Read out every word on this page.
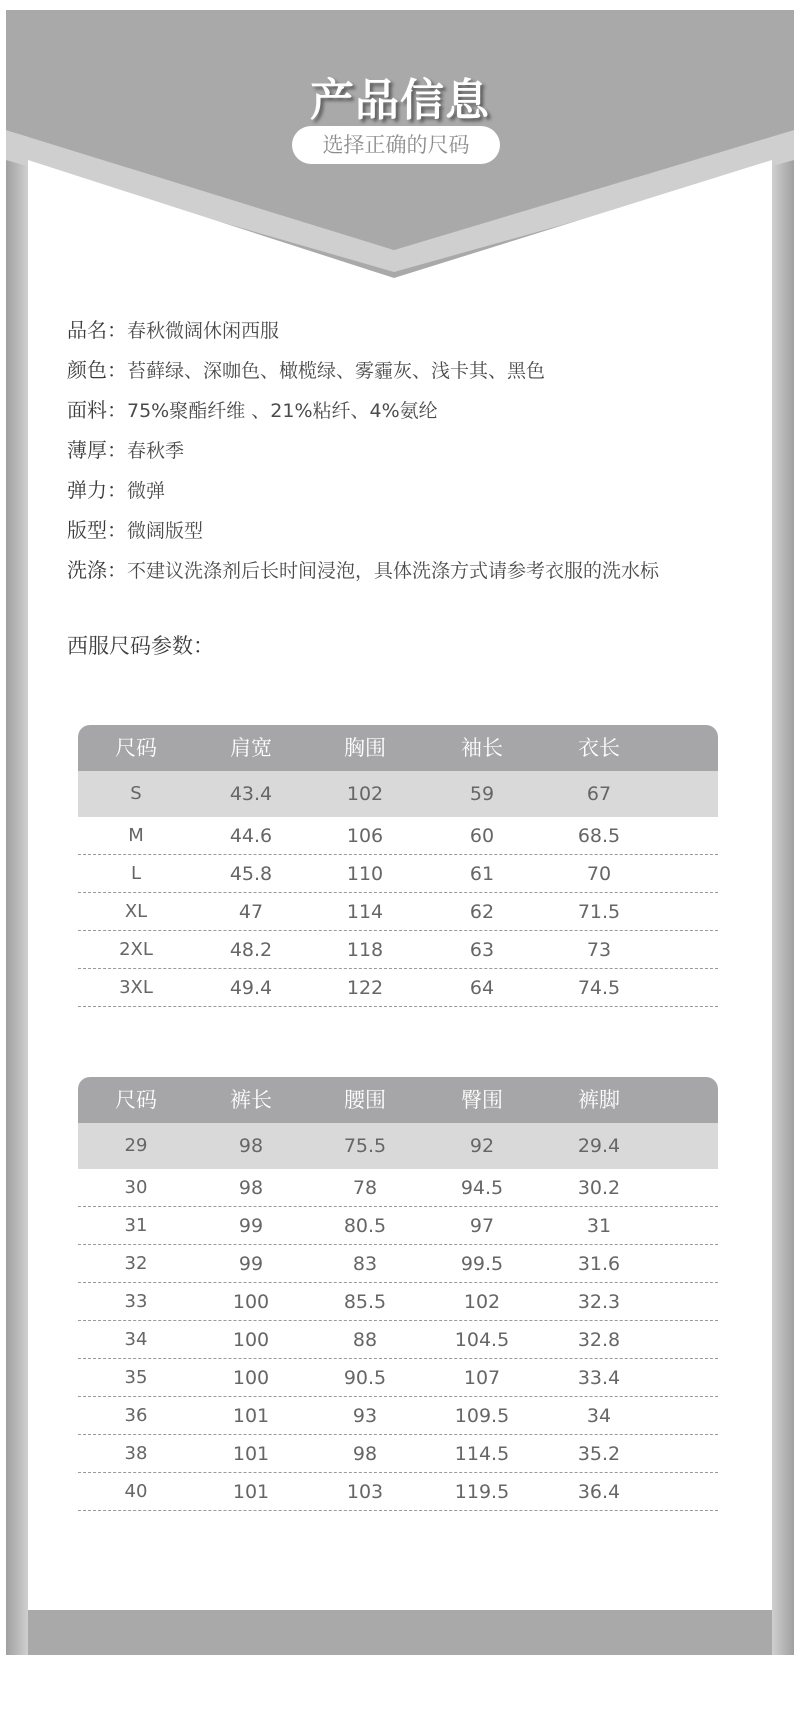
产品信息
选择正确的尺码
品名：春秋微阔休闲西服
颜色：苔藓绿、深咖色、橄榄绿、雾霾灰、浅卡其、黑色
面料：75%聚酯纤维 、21%粘纤、4%氨纶
薄厚：春秋季
弹力：微弹
版型：微阔版型
洗涤：不建议洗涤剂后长时间浸泡，具体洗涤方式请参考衣服的洗水标
西服尺码参数：
尺码	肩宽	胸围	袖长	衣长
S	43.4	102	59	67
M	44.6	106	60	68.5
L	45.8	110	61	70
XL	47	114	62	71.5
2XL	48.2	118	63	73
3XL	49.4	122	64	74.5
尺码	裤长	腰围	臀围	裤脚
29	98	75.5	92	29.4
30	98	78	94.5	30.2
31	99	80.5	97	31
32	99	83	99.5	31.6
33	100	85.5	102	32.3
34	100	88	104.5	32.8
35	100	90.5	107	33.4
36	101	93	109.5	34
38	101	98	114.5	35.2
40	101	103	119.5	36.4
